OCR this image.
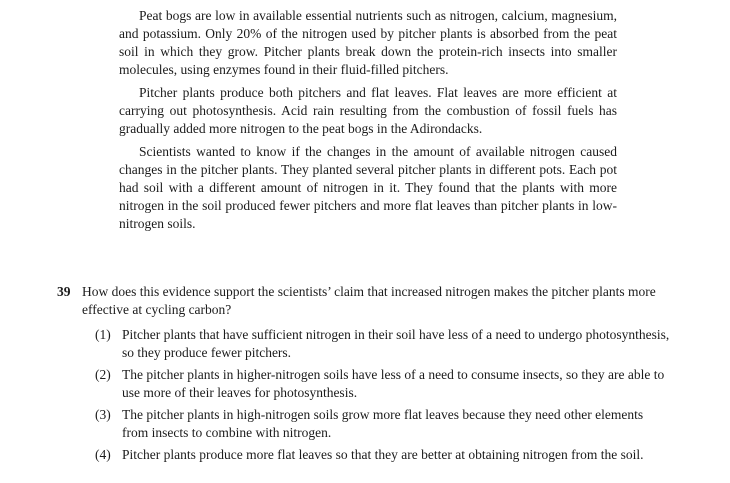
Peat bogs are low in available essential nutrients such as nitrogen, calcium, magnesium, and potassium. Only 20% of the nitrogen used by pitcher plants is absorbed from the peat soil in which they grow. Pitcher plants break down the protein-rich insects into smaller molecules, using enzymes found in their fluid-filled pitchers.

Pitcher plants produce both pitchers and flat leaves. Flat leaves are more efficient at carrying out photosynthesis. Acid rain resulting from the combustion of fossil fuels has gradually added more nitrogen to the peat bogs in the Adirondacks.

Scientists wanted to know if the changes in the amount of available nitrogen caused changes in the pitcher plants. They planted several pitcher plants in different pots. Each pot had soil with a different amount of nitrogen in it. They found that the plants with more nitrogen in the soil produced fewer pitchers and more flat leaves than pitcher plants in low-nitrogen soils.

39 How does this evidence support the scientists’ claim that increased nitrogen makes the pitcher plants more effective at cycling carbon?
(1) Pitcher plants that have sufficient nitrogen in their soil have less of a need to undergo photosynthesis, so they produce fewer pitchers.
(2) The pitcher plants in higher-nitrogen soils have less of a need to consume insects, so they are able to use more of their leaves for photosynthesis.
(3) The pitcher plants in high-nitrogen soils grow more flat leaves because they need other elements from insects to combine with nitrogen.
(4) Pitcher plants produce more flat leaves so that they are better at obtaining nitrogen from the soil.
